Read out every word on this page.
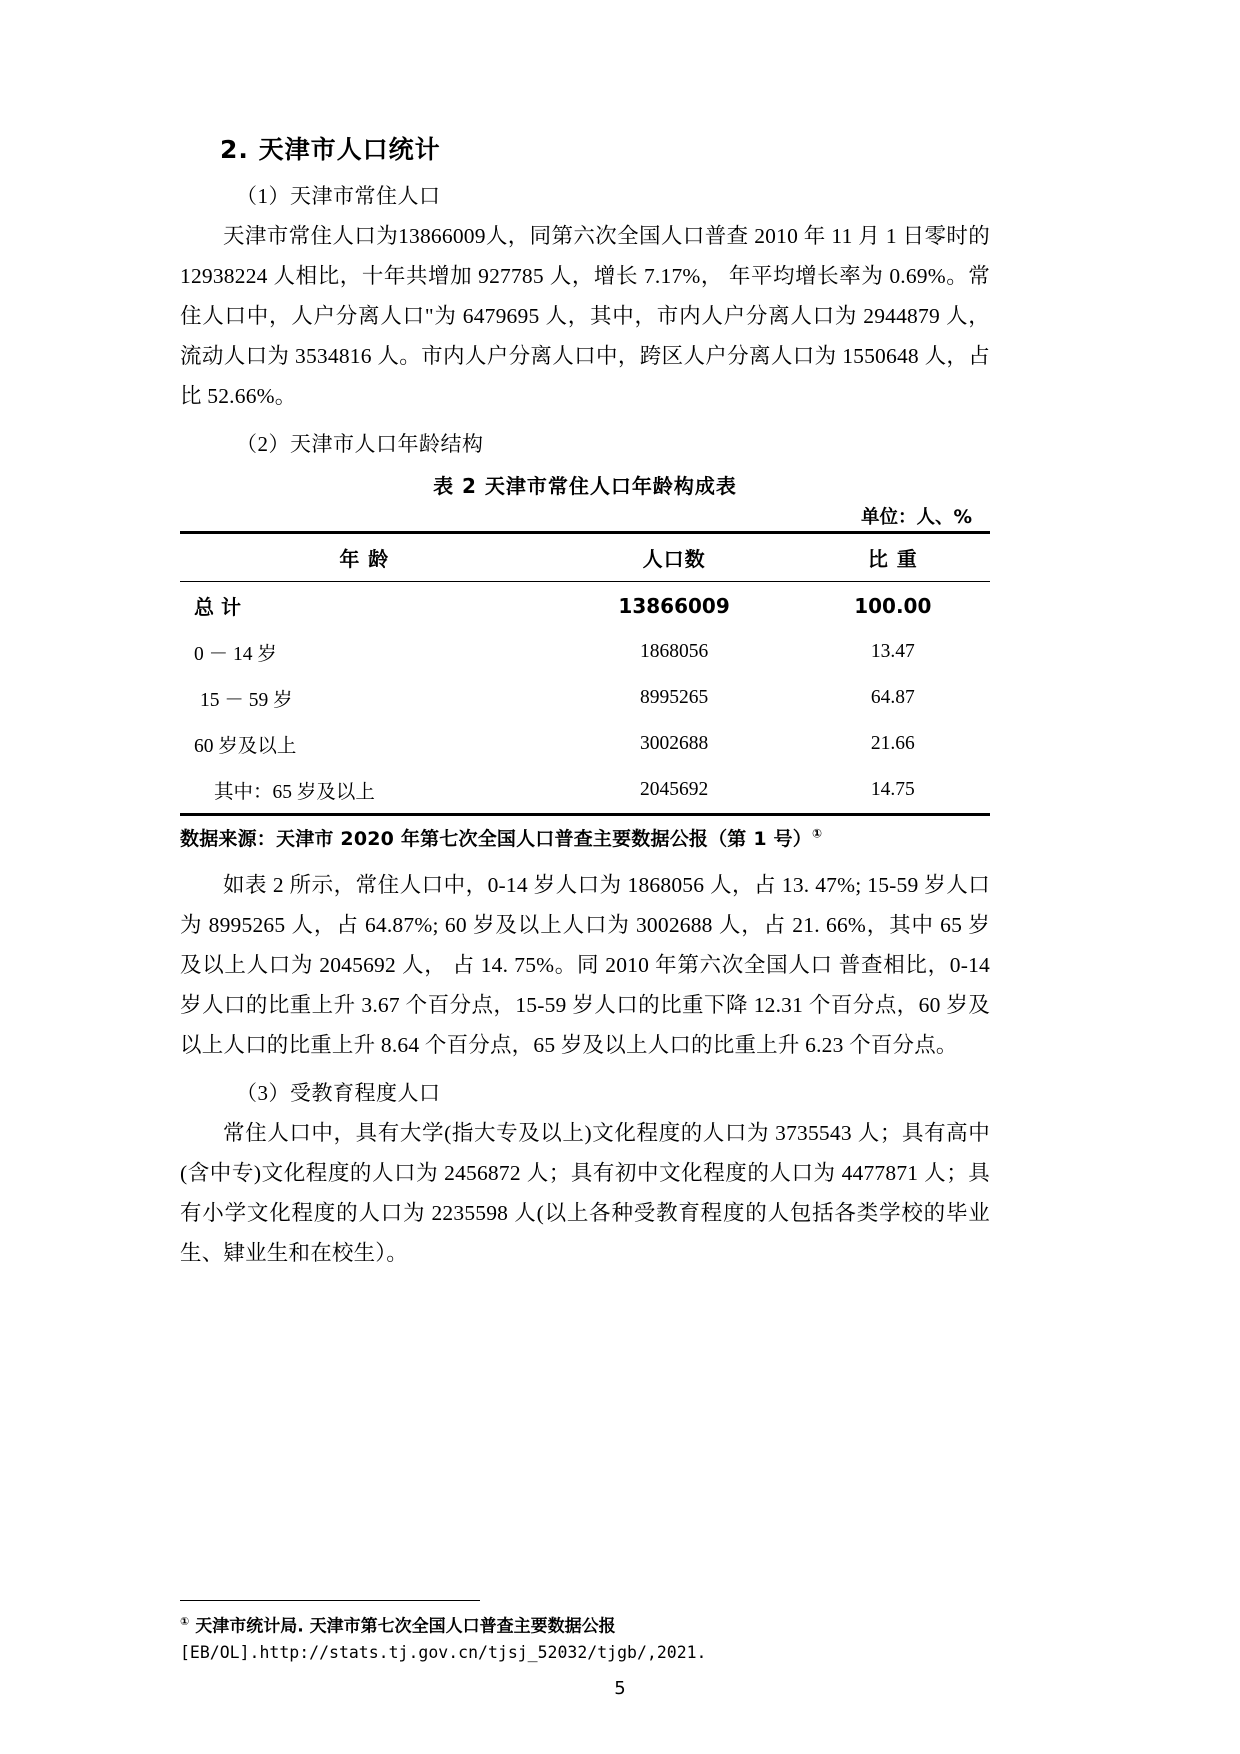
2. 天津市人口统计
（1）天津市常住人口

天津市常住人口为13866009人，同第六次全国人口普查 2010 年 11 月 1 日零时的 12938224 人相比，十年共增加 927785 人，增长 7.17%， 年平均增长率为 0.69%。常住人口中，人户分离人口"为 6479695 人，其中，市内人户分离人口为 2944879 人，流动人口为 3534816 人。市内人户分离人口中，跨区人户分离人口为 1550648 人，占比 52.66%。

（2）天津市人口年龄结构
表 2 天津市常住人口年龄构成表
单位：人、%
年 龄	人口数	比 重
总 计	13866009	100.00
0 － 14 岁	1868056	13.47
15 － 59 岁	8995265	64.87
60 岁及以上	3002688	21.66
其中：65 岁及以上	2045692	14.75
数据来源：天津市 2020 年第七次全国人口普查主要数据公报（第 1 号）①

如表 2 所示，常住人口中，0-14 岁人口为 1868056 人，占 13. 47%; 15-59 岁人口为 8995265 人，占 64.87%; 60 岁及以上人口为 3002688 人，占 21. 66%，其中 65 岁及以上人口为 2045692 人， 占 14. 75%。同 2010 年第六次全国人口 普查相比，0-14 岁人口的比重上升 3.67 个百分点，15-59 岁人口的比重下降 12.31 个百分点，60 岁及以上人口的比重上升 8.64 个百分点，65 岁及以上人口的比重上升 6.23 个百分点。

（3）受教育程度人口

常住人口中，具有大学(指大专及以上)文化程度的人口为 3735543 人；具有高中(含中专)文化程度的人口为 2456872 人；具有初中文化程度的人口为 4477871 人；具有小学文化程度的人口为 2235598 人(以上各种受教育程度的人包括各类学校的毕业生、肄业生和在校生）。

① 天津市统计局. 天津市第七次全国人口普查主要数据公报

[EB/OL].http://stats.tj.gov.cn/tjsj_52032/tjgb/,2021.

5
